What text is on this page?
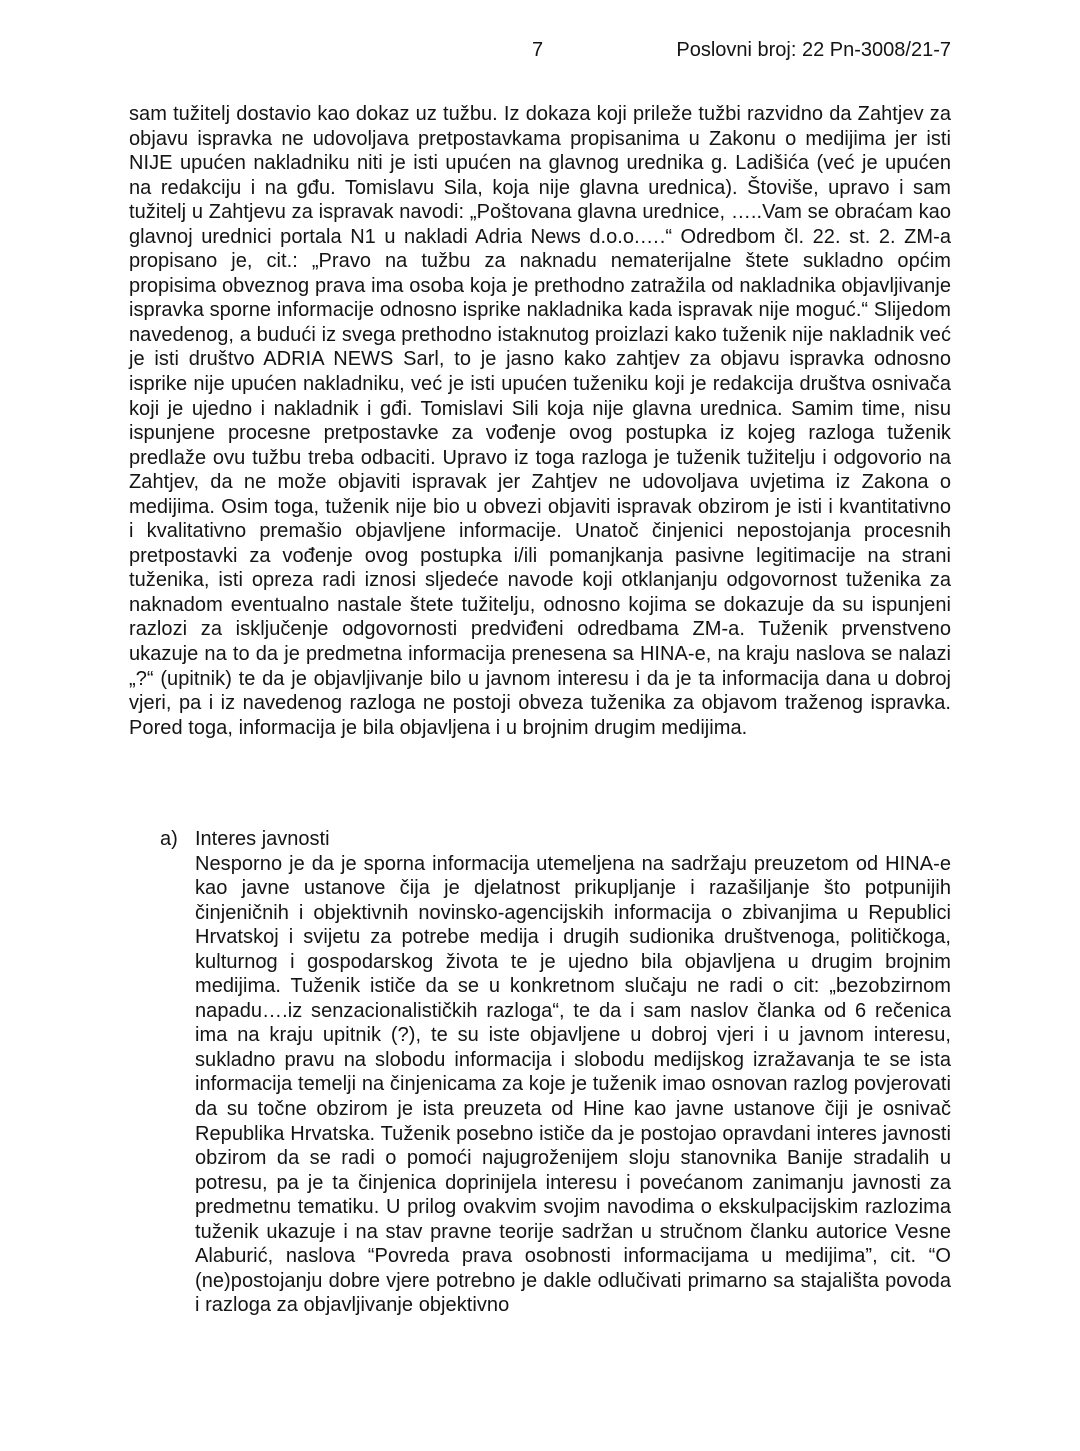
7	Poslovni broj: 22 Pn-3008/21-7

sam tužitelj dostavio kao dokaz uz tužbu. Iz dokaza koji prileže tužbi razvidno da Zahtjev za objavu ispravka ne udovoljava pretpostavkama propisanima u Zakonu o medijima jer isti NIJE upućen nakladniku niti je isti upućen na glavnog urednika g. Ladišića (već je upućen na redakciju i na gđu. Tomislavu Sila, koja nije glavna urednica). Štoviše, upravo i sam tužitelj u Zahtjevu za ispravak navodi: „Poštovana glavna urednice, …..Vam se obraćam kao glavnoj urednici portala N1 u nakladi Adria News d.o.o.….“ Odredbom čl. 22. st. 2. ZM-a propisano je, cit.: „Pravo na tužbu za naknadu nematerijalne štete sukladno općim propisima obveznog prava ima osoba koja je prethodno zatražila od nakladnika objavljivanje ispravka sporne informacije odnosno isprike nakladnika kada ispravak nije moguć.“ Slijedom navedenog, a budući iz svega prethodno istaknutog proizlazi kako tuženik nije nakladnik već je isti društvo ADRIA NEWS Sarl, to je jasno kako zahtjev za objavu ispravka odnosno isprike nije upućen nakladniku, već je isti upućen tuženiku koji je redakcija društva osnivača koji je ujedno i nakladnik i gđi. Tomislavi Sili koja nije glavna urednica. Samim time, nisu ispunjene procesne pretpostavke za vođenje ovog postupka iz kojeg razloga tuženik predlaže ovu tužbu treba odbaciti. Upravo iz toga razloga je tuženik tužitelju i odgovorio na Zahtjev, da ne može objaviti ispravak jer Zahtjev ne udovoljava uvjetima iz Zakona o medijima. Osim toga, tuženik nije bio u obvezi objaviti ispravak obzirom je isti i kvantitativno i kvalitativno premašio objavljene informacije. Unatoč činjenici nepostojanja procesnih pretpostavki za vođenje ovog postupka i/ili pomanjkanja pasivne legitimacije na strani tuženika, isti opreza radi iznosi sljedeće navode koji otklanjanju odgovornost tuženika za naknadom eventualno nastale štete tužitelju, odnosno kojima se dokazuje da su ispunjeni razlozi za isključenje odgovornosti predviđeni odredbama ZM-a. Tuženik prvenstveno ukazuje na to da je predmetna informacija prenesena sa HINA-e, na kraju naslova se nalazi „?“ (upitnik) te da je objavljivanje bilo u javnom interesu i da je ta informacija dana u dobroj vjeri, pa i iz navedenog razloga ne postoji obveza tuženika za objavom traženog ispravka. Pored toga, informacija je bila objavljena i u brojnim drugim medijima.

a) Interes javnosti

Nesporno je da je sporna informacija utemeljena na sadržaju preuzetom od HINA-e kao javne ustanove čija je djelatnost prikupljanje i razašiljanje što potpunijih činjeničnih i objektivnih novinsko-agencijskih informacija o zbivanjima u Republici Hrvatskoj i svijetu za potrebe medija i drugih sudionika društvenoga, političkoga, kulturnog i gospodarskog života te je ujedno bila objavljena u drugim brojnim medijima. Tuženik ističe da se u konkretnom slučaju ne radi o cit: „bezobzirnom napadu….iz senzacionalističkih razloga“, te da i sam naslov članka od 6 rečenica ima na kraju upitnik (?), te su iste objavljene u dobroj vjeri i u javnom interesu, sukladno pravu na slobodu informacija i slobodu medijskog izražavanja te se ista informacija temelji na činjenicama za koje je tuženik imao osnovan razlog povjerovati da su točne obzirom je ista preuzeta od Hine kao javne ustanove čiji je osnivač Republika Hrvatska. Tuženik posebno ističe da je postojao opravdani interes javnosti obzirom da se radi o pomoći najugroženijem sloju stanovnika Banije stradalih u potresu, pa je ta činjenica doprinijela interesu i povećanom zanimanju javnosti za predmetnu tematiku. U prilog ovakvim svojim navodima o ekskulpacijskim razlozima tuženik ukazuje i na stav pravne teorije sadržan u stručnom članku autorice Vesne Alaburić, naslova “Povreda prava osobnosti informacijama u medijima”, cit. “O (ne)postojanju dobre vjere potrebno je dakle odlučivati primarno sa stajališta povoda i razloga za objavljivanje objektivno
